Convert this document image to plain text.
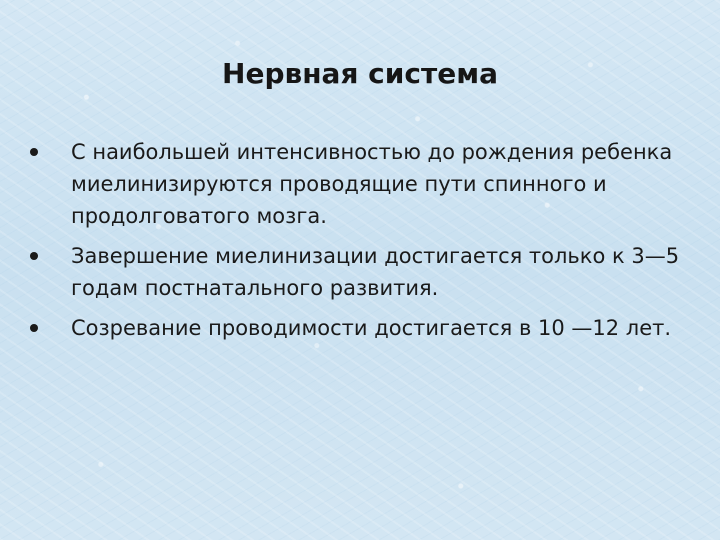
Нервная система
С наибольшей интенсивностью до рождения ребенка миелинизируются проводящие пути спинного и продолговатого мозга.
Завершение миелинизации достигается только к 3—5 годам постнатального развития.
Созревание проводимости достигается в 10 —12 лет.
